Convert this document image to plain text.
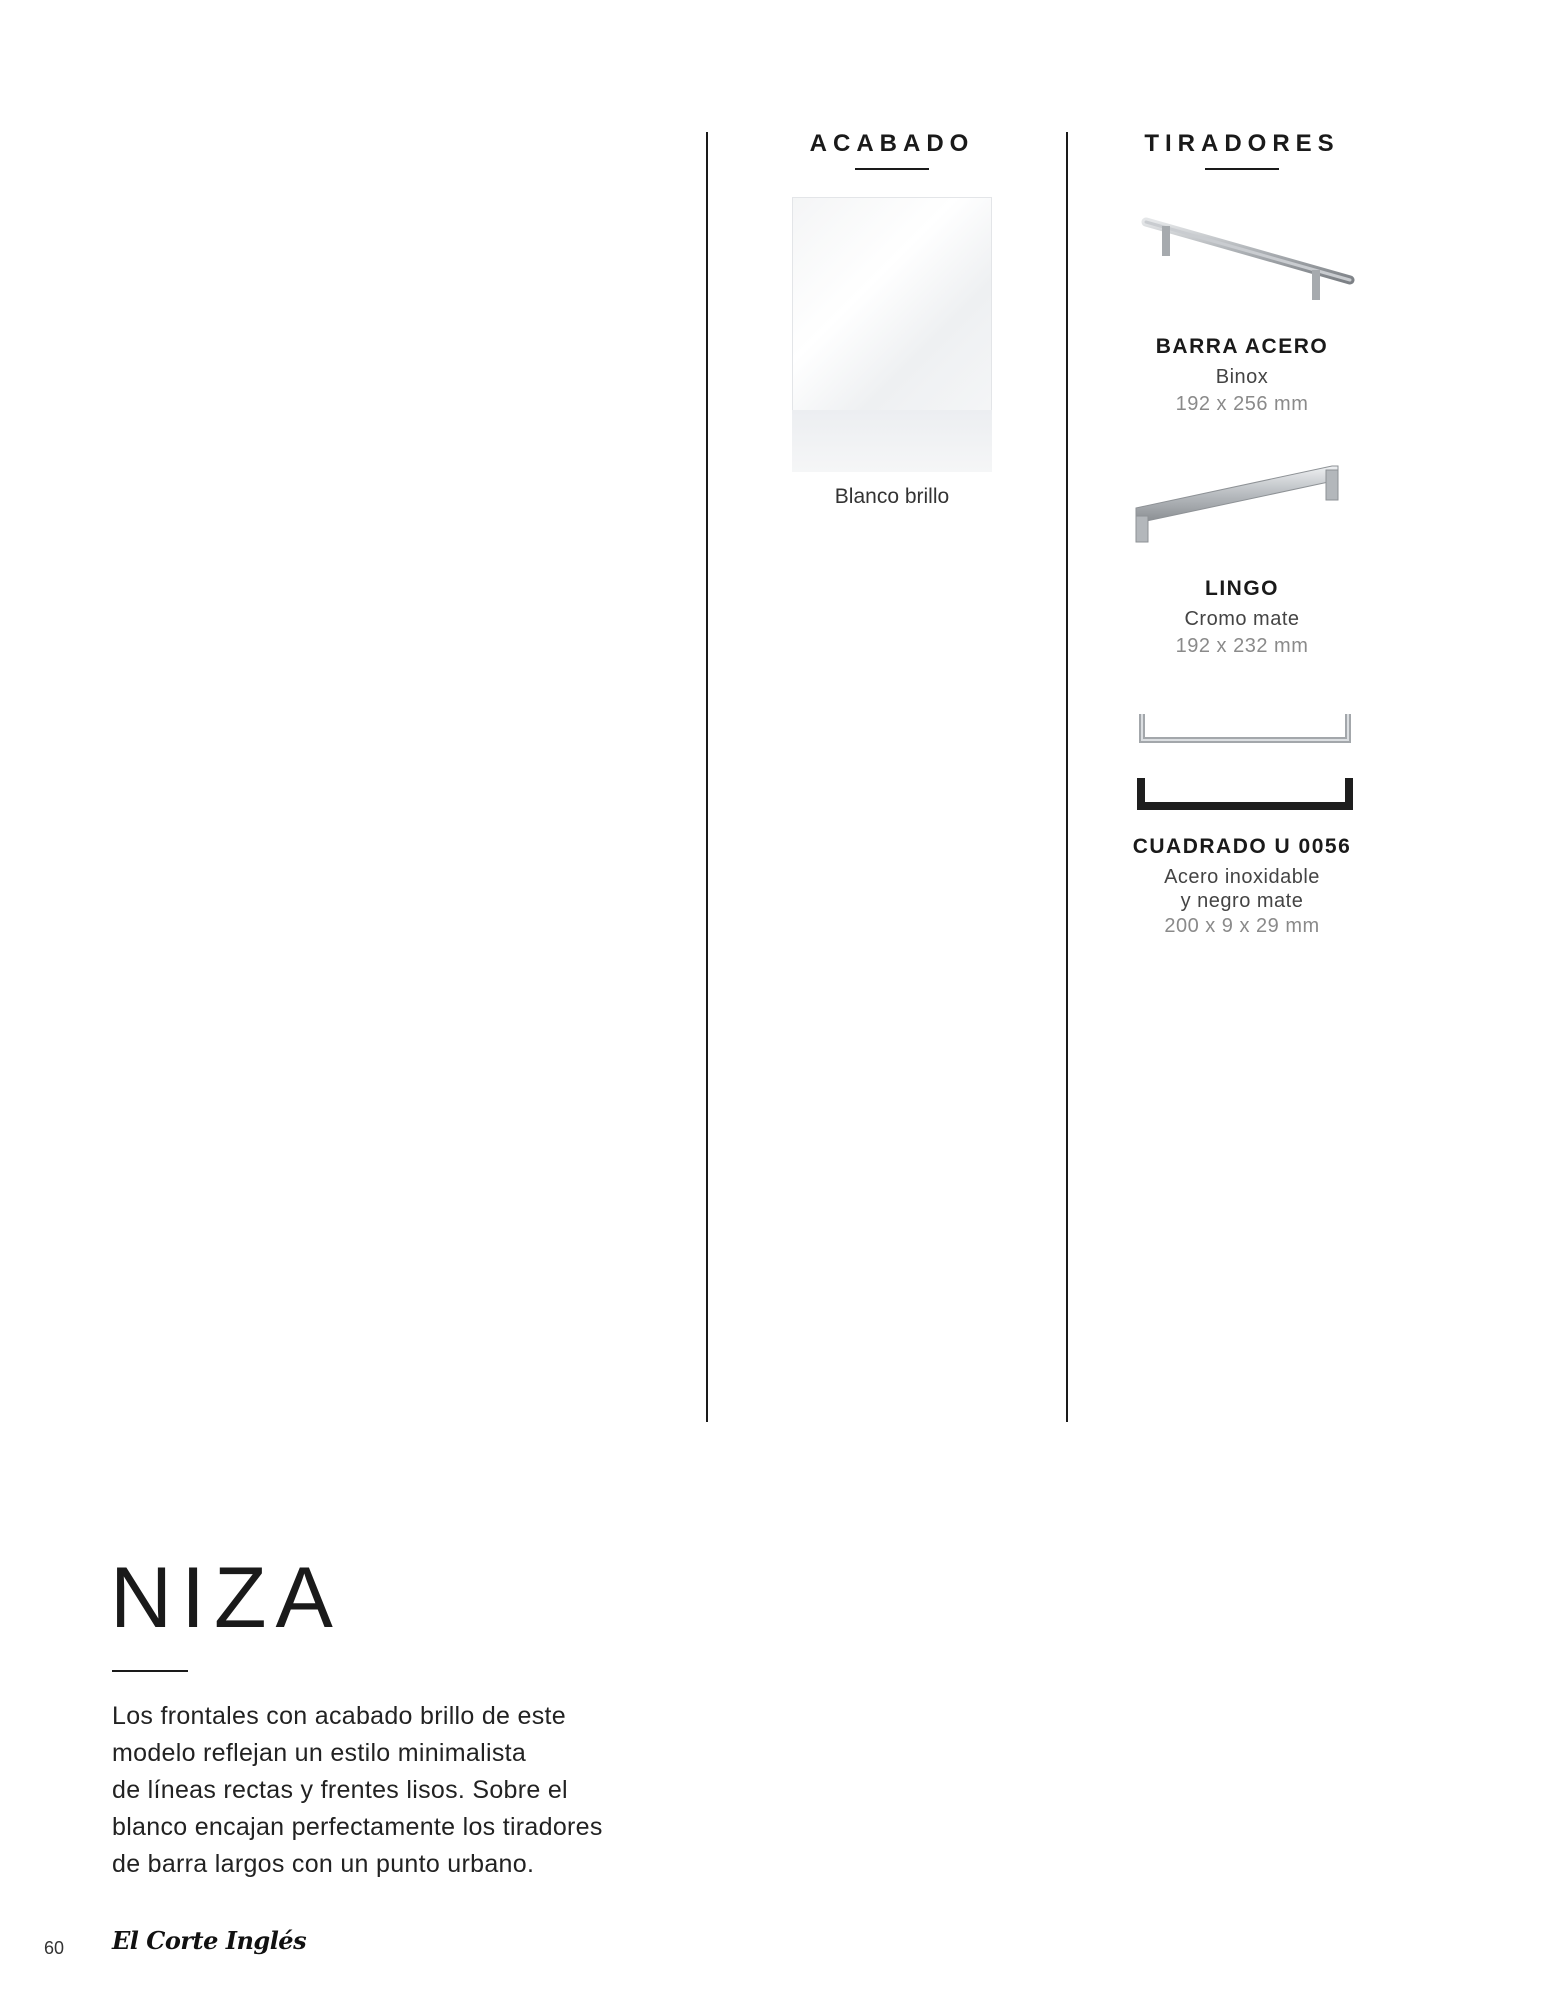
ACABADO
Blanco brillo
TIRADORES
BARRA ACERO
Binox
192 x 256 mm
LINGO
Cromo mate
192 x 232 mm
CUADRADO U 0056
Acero inoxidable
y negro mate
200 x 9 x 29 mm
NIZA
Los frontales con acabado brillo de este
modelo reflejan un estilo minimalista
de líneas rectas y frentes lisos. Sobre el
blanco encajan perfectamente los tiradores
de barra largos con un punto urbano.
60 El Corte Inglés
